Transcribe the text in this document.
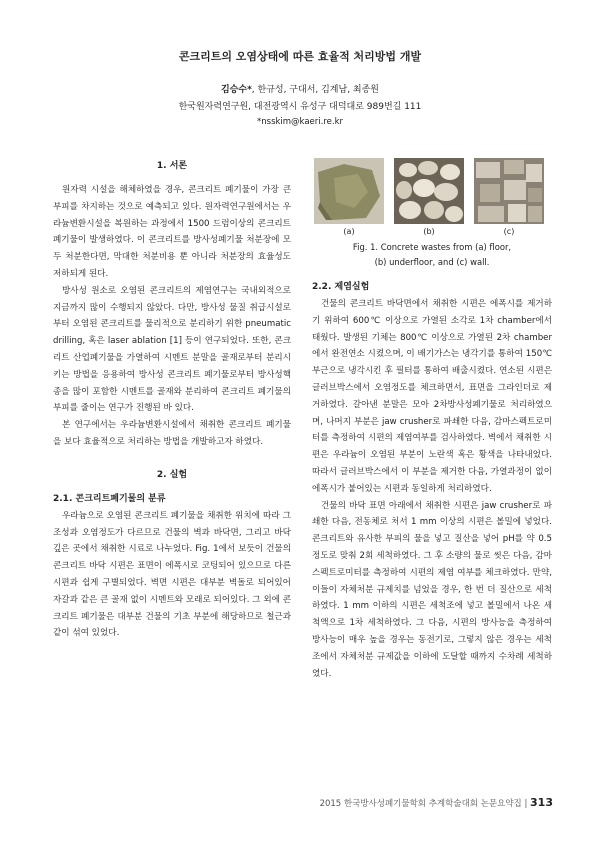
콘크리트의 오염상태에 따른 효율적 처리방법 개발
김승수*, 한규성, 구대서, 김계남, 최종원
한국원자력연구원, 대전광역시 유성구 대덕대로 989번길 111
*nsskim@kaeri.re.kr
1. 서론

원자력 시설을 해체하였을 경우, 콘크리트 폐기물이 가장 큰 부피를 차지하는 것으로 예측되고 있다. 원자력연구원에서는 우라늄변환시설을 복원하는 과정에서 1500 드럼이상의 콘크리트 폐기물이 발생하였다. 이 콘크리트를 방사성폐기물 처분장에 모두 처분한다면, 막대한 처분비용 뿐 아니라 처분장의 효율성도 저하되게 된다.

방사성 원소로 오염된 콘크리트의 제염연구는 국내외적으로 지금까지 많이 수행되지 않았다. 다만, 방사성 물질 취급시설로부터 오염된 콘크리트를 물리적으로 분리하기 위한 pneumatic drilling, 혹은 laser ablation [1] 등이 연구되었다. 또한, 콘크리트 산업폐기물을 가열하여 시멘트 분말을 골재로부터 분리시키는 방법을 응용하여 방사성 콘크리트 폐기물로부터 방사성핵종을 많이 포함한 시멘트를 골재와 분리하여 콘크리트 폐기물의 부피를 줄이는 연구가 진행된 바 있다.

본 연구에서는 우라늄변환시설에서 채취한 콘크리트 폐기물을 보다 효율적으로 처리하는 방법을 개발하고자 하였다.

2. 실험
2.1. 콘크리트폐기물의 분류

우라늄으로 오염된 콘크리트 폐기물을 채취한 위치에 따라 그 조성과 오염정도가 다르므로 건물의 벽과 바닥면, 그리고 바닥 깊은 곳에서 채취한 시료로 나누었다. Fig. 1에서 보듯이 건물의 콘크리트 바닥 시편은 표면이 에폭시로 코팅되어 있으므로 다른 시편과 쉽게 구별되었다. 벽면 시편은 대부분 벽돌로 되어있어 자갈과 같은 큰 골재 없이 시멘트와 모래로 되어있다. 그 외에 콘크리트 폐기물은 대부분 건물의 기초 부분에 해당하므로 철근과 같이 섞여 있었다.

(a)	(b)	(c)
Fig. 1. Concrete wastes from (a) floor,
(b) underfloor, and (c) wall.
2.2. 제염실험

건물의 콘크리트 바닥면에서 채취한 시편은 에폭시를 제거하기 위하여 600℃ 이상으로 가열된 소각로 1차 chamber에서 태웠다. 발생된 기체는 800℃ 이상으로 가열된 2차 chamber에서 완전연소 시켰으며, 이 배기가스는 냉각기를 통하여 150℃ 부근으로 냉각시킨 후 필터를 통하여 배출시켰다. 연소된 시편은 글러브박스에서 오염정도를 체크하면서, 표면을 그라인더로 제거하였다. 갈아낸 분말은 모아 2차방사성폐기물로 처리하였으며, 나머지 부분은 jaw crusher로 파쇄한 다음, 감마스펙트로미터를 측정하여 시편의 제염여부를 검사하였다. 벽에서 채취한 시편은 우라늄이 오염된 부분이 노란색 혹은 황색을 나타내었다. 따라서 글러브박스에서 이 부분을 제거한 다음, 가열과정이 없이 에폭시가 붙어있는 시편과 동일하게 처리하였다.

건물의 바닥 표면 아래에서 채취한 시편은 jaw crusher로 파쇄한 다음, 전동체로 처서 1 mm 이상의 시편은 볼밀에 넣었다. 콘크리트와 유사한 부피의 물을 넣고 질산을 넣어 pH를 약 0.5 정도로 맞춰 2회 세척하였다. 그 후 소량의 물로 씻은 다음, 감마스펙트로미터를 측정하여 시편의 제염 여부를 체크하였다. 만약, 이들이 자체처분 규제치를 넘었을 경우, 한 번 더 질산으로 세척하였다. 1 mm 이하의 시편은 세척조에 넣고 볼밀에서 나온 세척액으로 1차 세척하였다. 그 다음, 시편의 방사능을 측정하여 방사능이 매우 높을 경우는 동전기로, 그렇지 않은 경우는 세척조에서 자체처분 규제값을 이하에 도달할 때까지 수차례 세척하였다.

2015 한국방사성폐기물학회 추계학술대회 논문요약집 | 313
